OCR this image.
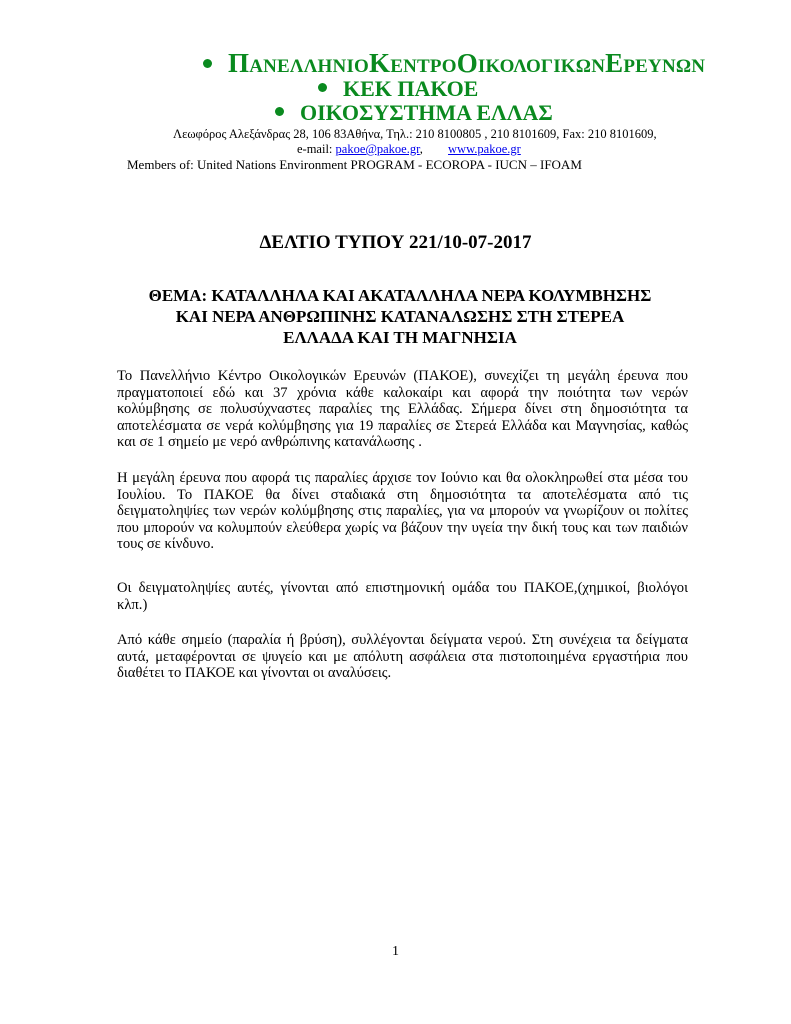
ΠΑΝΕΛΛΗΝΙΟΚΕΝΤΡΟΟΙΚΟΛΟΓΙΚΩΝΕΡΕΥΝΩΝ
ΚΕΚ ΠΑΚΟΕ
ΟΙΚΟΣΥΣΤΗΜΑ ΕΛΛΑΣ
Λεωφόρος Αλεξάνδρας 28, 106 83Αθήνα, Τηλ.: 210 8100805 , 210 8101609, Fax: 210 8101609,
e-mail: pakoe@pakoe.gr, www.pakoe.gr
Members of: United Nations Environment PROGRAM - ECOROPA - IUCN – IFOAM
ΔΕΛΤΙΟ ΤΥΠΟΥ 221/10-07-2017
ΘΕΜΑ: ΚΑΤΑΛΛΗΛΑ ΚΑΙ ΑΚΑΤΑΛΛΗΛΑ ΝΕΡΑ ΚΟΛΥΜΒΗΣΗΣ
ΚΑΙ ΝΕΡΑ ΑΝΘΡΩΠΙΝΗΣ ΚΑΤΑΝΑΛΩΣΗΣ ΣΤΗ ΣΤΕΡΕΑ
ΕΛΛΑΔΑ ΚΑΙ ΤΗ ΜΑΓΝΗΣΙΑ
Το Πανελλήνιο Κέντρο Οικολογικών Ερευνών (ΠΑΚΟΕ), συνεχίζει τη μεγάλη έρευνα που πραγματοποιεί εδώ και 37 χρόνια κάθε καλοκαίρι και αφορά την ποιότητα των νερών κολύμβησης σε πολυσύχναστες παραλίες της Ελλάδας. Σήμερα δίνει στη δημοσιότητα τα αποτελέσματα σε νερά κολύμβησης για 19 παραλίες σε Στερεά Ελλάδα και Μαγνησίας, καθώς και σε 1 σημείο με νερό ανθρώπινης κατανάλωσης .
Η μεγάλη έρευνα που αφορά τις παραλίες άρχισε τον Ιούνιο και θα ολοκληρωθεί στα μέσα του Ιουλίου. Το ΠΑΚΟΕ θα δίνει σταδιακά στη δημοσιότητα τα αποτελέσματα από τις δειγματοληψίες των νερών κολύμβησης στις παραλίες, για να μπορούν να γνωρίζουν οι πολίτες που μπορούν να κολυμπούν ελεύθερα χωρίς να βάζουν την υγεία την δική τους και των παιδιών τους σε κίνδυνο.
Οι δειγματοληψίες αυτές, γίνονται από επιστημονική ομάδα του ΠΑΚΟΕ,(χημικοί, βιολόγοι κλπ.)
Από κάθε σημείο (παραλία ή βρύση), συλλέγονται δείγματα νερού. Στη συνέχεια τα δείγματα αυτά, μεταφέρονται σε ψυγείο και με απόλυτη ασφάλεια στα πιστοποιημένα εργαστήρια που διαθέτει το ΠΑΚΟΕ και γίνονται οι αναλύσεις.
1
